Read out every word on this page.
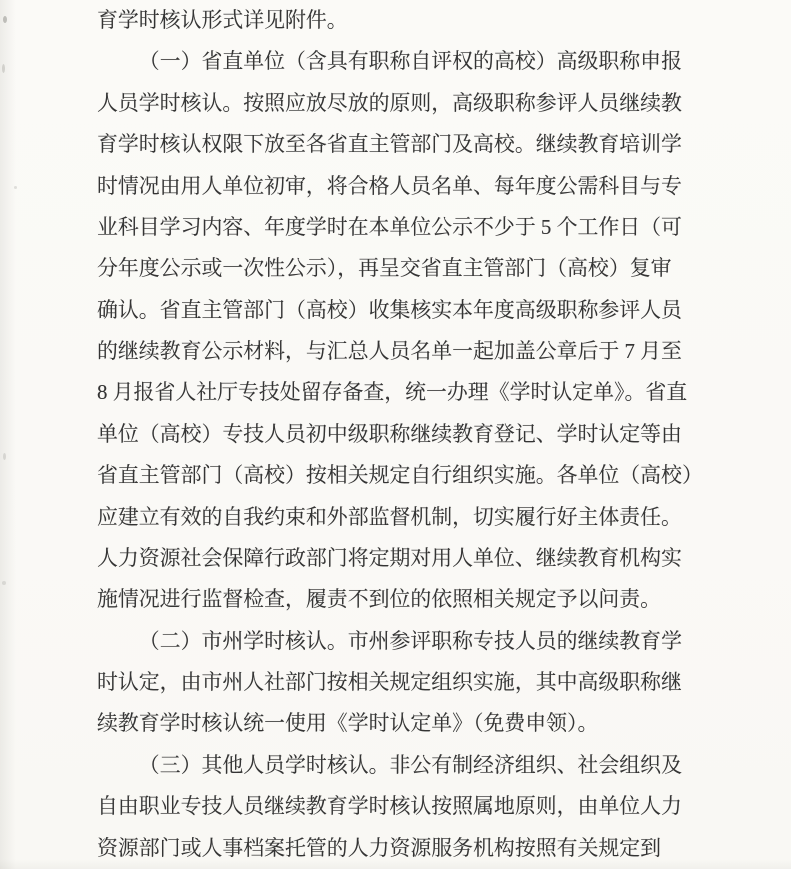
育学时核认形式详见附件。
（一）省直单位（含具有职称自评权的高校）高级职称申报
人员学时核认。按照应放尽放的原则，高级职称参评人员继续教
育学时核认权限下放至各省直主管部门及高校。继续教育培训学
时情况由用人单位初审，将合格人员名单、每年度公需科目与专
业科目学习内容、年度学时在本单位公示不少于 5 个工作日（可
分年度公示或一次性公示），再呈交省直主管部门（高校）复审
确认。省直主管部门（高校）收集核实本年度高级职称参评人员
的继续教育公示材料，与汇总人员名单一起加盖公章后于 7 月至
8 月报省人社厅专技处留存备查，统一办理《学时认定单》。省直
单位（高校）专技人员初中级职称继续教育登记、学时认定等由
省直主管部门（高校）按相关规定自行组织实施。各单位（高校）
应建立有效的自我约束和外部监督机制，切实履行好主体责任。
人力资源社会保障行政部门将定期对用人单位、继续教育机构实
施情况进行监督检查，履责不到位的依照相关规定予以问责。
（二）市州学时核认。市州参评职称专技人员的继续教育学
时认定，由市州人社部门按相关规定组织实施，其中高级职称继
续教育学时核认统一使用《学时认定单》（免费申领）。
（三）其他人员学时核认。非公有制经济组织、社会组织及
自由职业专技人员继续教育学时核认按照属地原则，由单位人力
资源部门或人事档案托管的人力资源服务机构按照有关规定到
